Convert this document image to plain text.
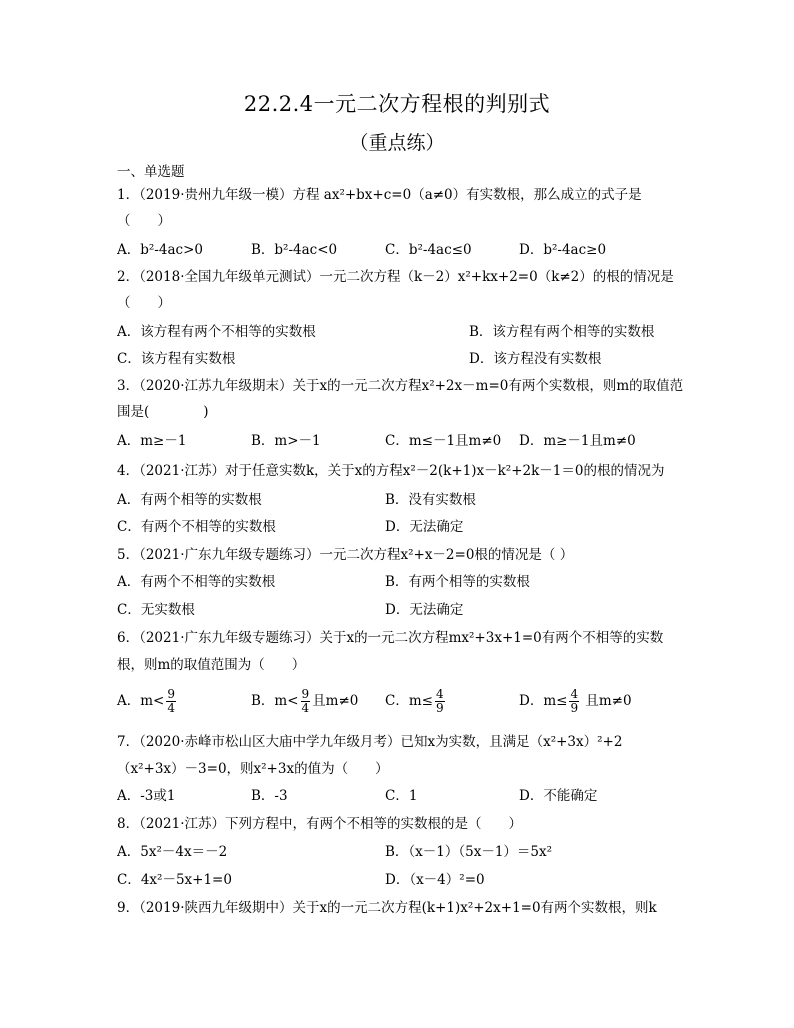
22.2.4一元二次方程根的判别式
（重点练）
一、单选题
1．（2019·贵州九年级一模）方程 ax²+bx+c=0（a≠0）有实数根，那么成立的式子是
（　　）
A．b²-4ac>0	B．b²-4ac<0	C．b²-4ac≤0	D．b²-4ac≥0
2．（2018·全国九年级单元测试）一元二次方程（k－2）x²+kx+2=0（k≠2）的根的情况是
（　　）
A．该方程有两个不相等的实数根	B．该方程有两个相等的实数根
C．该方程有实数根	D．该方程没有实数根
3．（2020·江苏九年级期末）关于x的一元二次方程x²+2x－m=0有两个实数根，则m的取值范
围是(　　　　)
A．m≥－1	B．m>－1	C．m≤－1且m≠0 D．m≥－1且m≠0
4．（2021·江苏）对于任意实数k，关于x的方程x²－2(k+1)x－k²+2k－1＝0的根的情况为
A．有两个相等的实数根	B．没有实数根
C．有两个不相等的实数根	D．无法确定
5．（2021·广东九年级专题练习）一元二次方程x²+x－2=0根的情况是（ ）
A．有两个不相等的实数根	B．有两个相等的实数根
C．无实数根	D．无法确定
6．（2021·广东九年级专题练习）关于x的一元二次方程mx²+3x+1=0有两个不相等的实数
根，则m的取值范围为（　　）
A．$m< \frac{9}{4}$	B．$m< \frac{9}{4}$ 且m≠0 C．$m\le \frac{4}{9}$	D．$m\le \frac{4}{9}$ 且m≠0
7．（2020·赤峰市松山区大庙中学九年级月考）已知x为实数，且满足（x²+3x）²+2
（x²+3x）－3=0，则x²+3x的值为（　　）
A．-3或1	B．-3	C．1	D．不能确定
8．（2021·江苏）下列方程中，有两个不相等的实数根的是（　　）
A．5x²－4x＝－2	B．（x－1）（5x－1）＝5x²
C．4x²－5x+1=0	D．（x－4）²=0
9．（2019·陕西九年级期中）关于x的一元二次方程(k+1)x²+2x+1=0有两个实数根，则k
